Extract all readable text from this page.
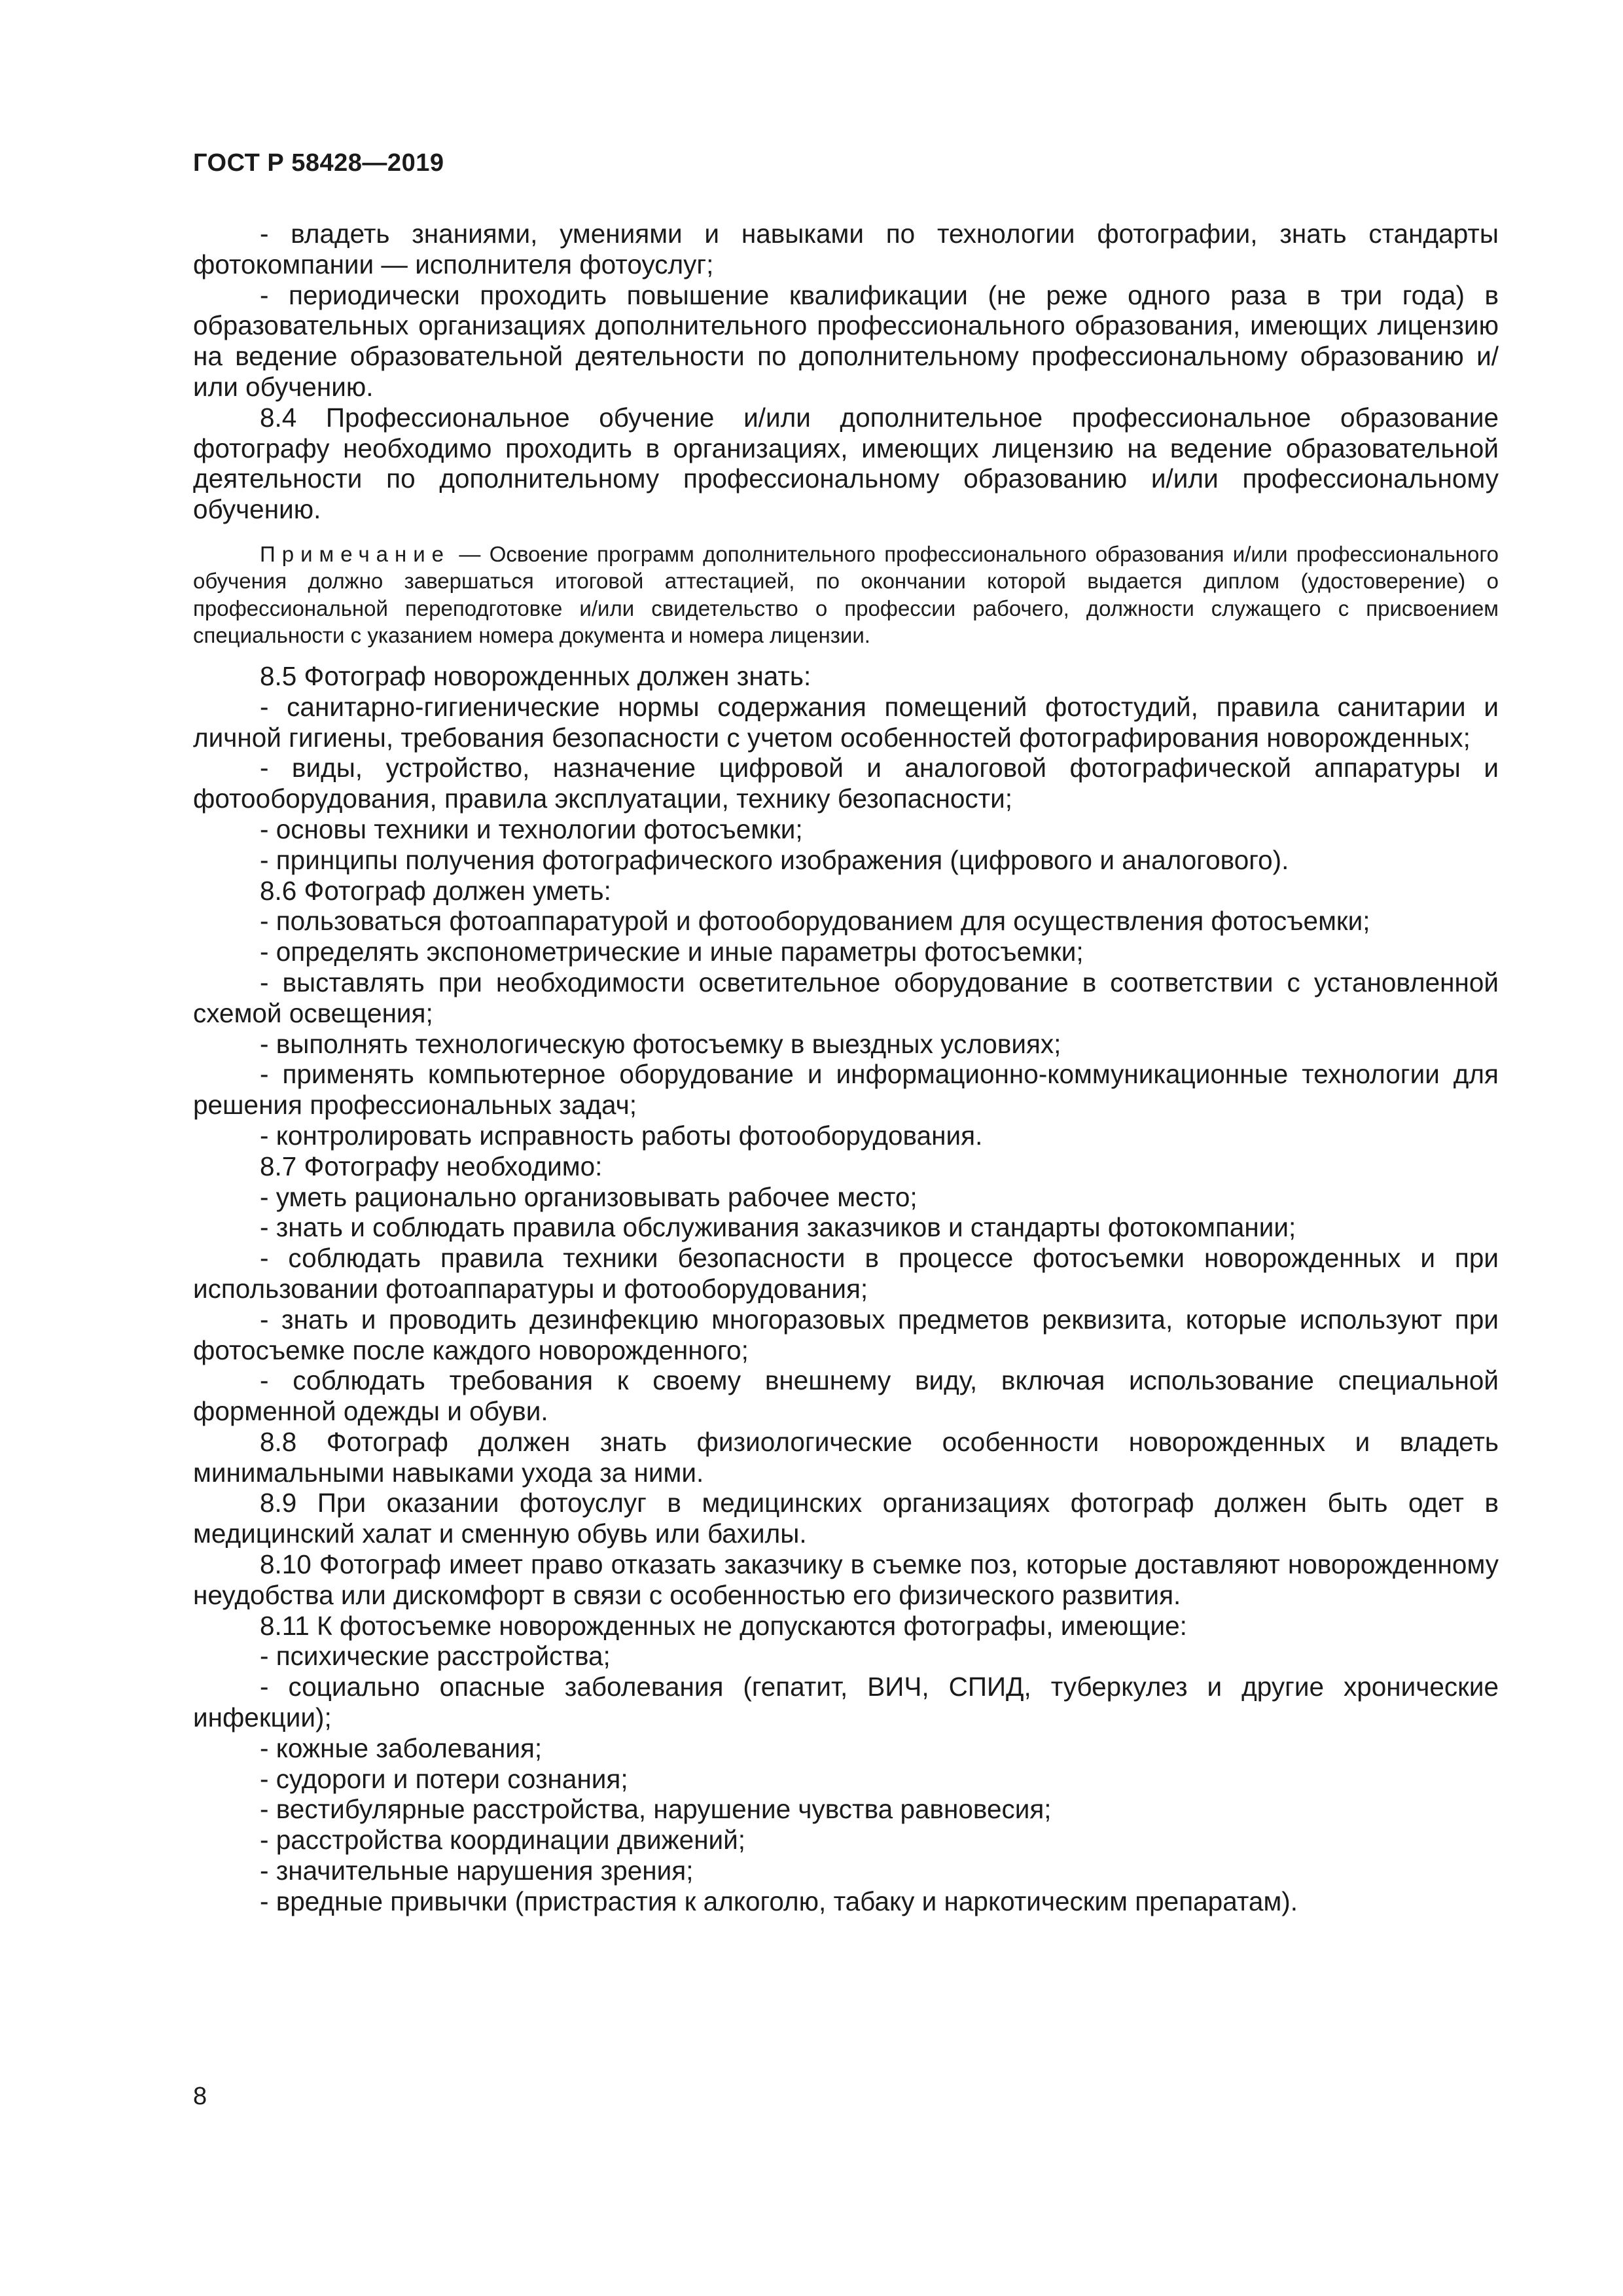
ГОСТ Р 58428—2019

- владеть знаниями, умениями и навыками по технологии фотографии, знать стандарты фотокомпании — исполнителя фотоуслуг;

- периодически проходить повышение квалификации (не реже одного раза в три года) в образовательных организациях дополнительного профессионального образования, имеющих лицензию на ведение образовательной деятельности по дополнительному профессиональному образованию и/или обучению.

8.4 Профессиональное обучение и/или дополнительное профессиональное образование фотографу необходимо проходить в организациях, имеющих лицензию на ведение образовательной деятельности по дополнительному профессиональному образованию и/или профессиональному обучению.

Примечание — Освоение программ дополнительного профессионального образования и/или профессионального обучения должно завершаться итоговой аттестацией, по окончании которой выдается диплом (удостоверение) о профессиональной переподготовке и/или свидетельство о профессии рабочего, должности служащего с присвоением специальности с указанием номера документа и номера лицензии.

8.5 Фотограф новорожденных должен знать:

- санитарно-гигиенические нормы содержания помещений фотостудий, правила санитарии и личной гигиены, требования безопасности с учетом особенностей фотографирования новорожденных;

- виды, устройство, назначение цифровой и аналоговой фотографической аппаратуры и фотооборудования, правила эксплуатации, технику безопасности;

- основы техники и технологии фотосъемки;

- принципы получения фотографического изображения (цифрового и аналогового).

8.6 Фотограф должен уметь:

- пользоваться фотоаппаратурой и фотооборудованием для осуществления фотосъемки;

- определять экспонометрические и иные параметры фотосъемки;

- выставлять при необходимости осветительное оборудование в соответствии с установленной схемой освещения;

- выполнять технологическую фотосъемку в выездных условиях;

- применять компьютерное оборудование и информационно-коммуникационные технологии для решения профессиональных задач;

- контролировать исправность работы фотооборудования.

8.7 Фотографу необходимо:

- уметь рационально организовывать рабочее место;

- знать и соблюдать правила обслуживания заказчиков и стандарты фотокомпании;

- соблюдать правила техники безопасности в процессе фотосъемки новорожденных и при использовании фотоаппаратуры и фотооборудования;

- знать и проводить дезинфекцию многоразовых предметов реквизита, которые используют при фотосъемке после каждого новорожденного;

- соблюдать требования к своему внешнему виду, включая использование специальной форменной одежды и обуви.

8.8 Фотограф должен знать физиологические особенности новорожденных и владеть минимальными навыками ухода за ними.

8.9 При оказании фотоуслуг в медицинских организациях фотограф должен быть одет в медицинский халат и сменную обувь или бахилы.

8.10 Фотограф имеет право отказать заказчику в съемке поз, которые доставляют новорожденному неудобства или дискомфорт в связи с особенностью его физического развития.

8.11 К фотосъемке новорожденных не допускаются фотографы, имеющие:

- психические расстройства;

- социально опасные заболевания (гепатит, ВИЧ, СПИД, туберкулез и другие хронические инфекции);

- кожные заболевания;

- судороги и потери сознания;

- вестибулярные расстройства, нарушение чувства равновесия;

- расстройства координации движений;

- значительные нарушения зрения;

- вредные привычки (пристрастия к алкоголю, табаку и наркотическим препаратам).

8
